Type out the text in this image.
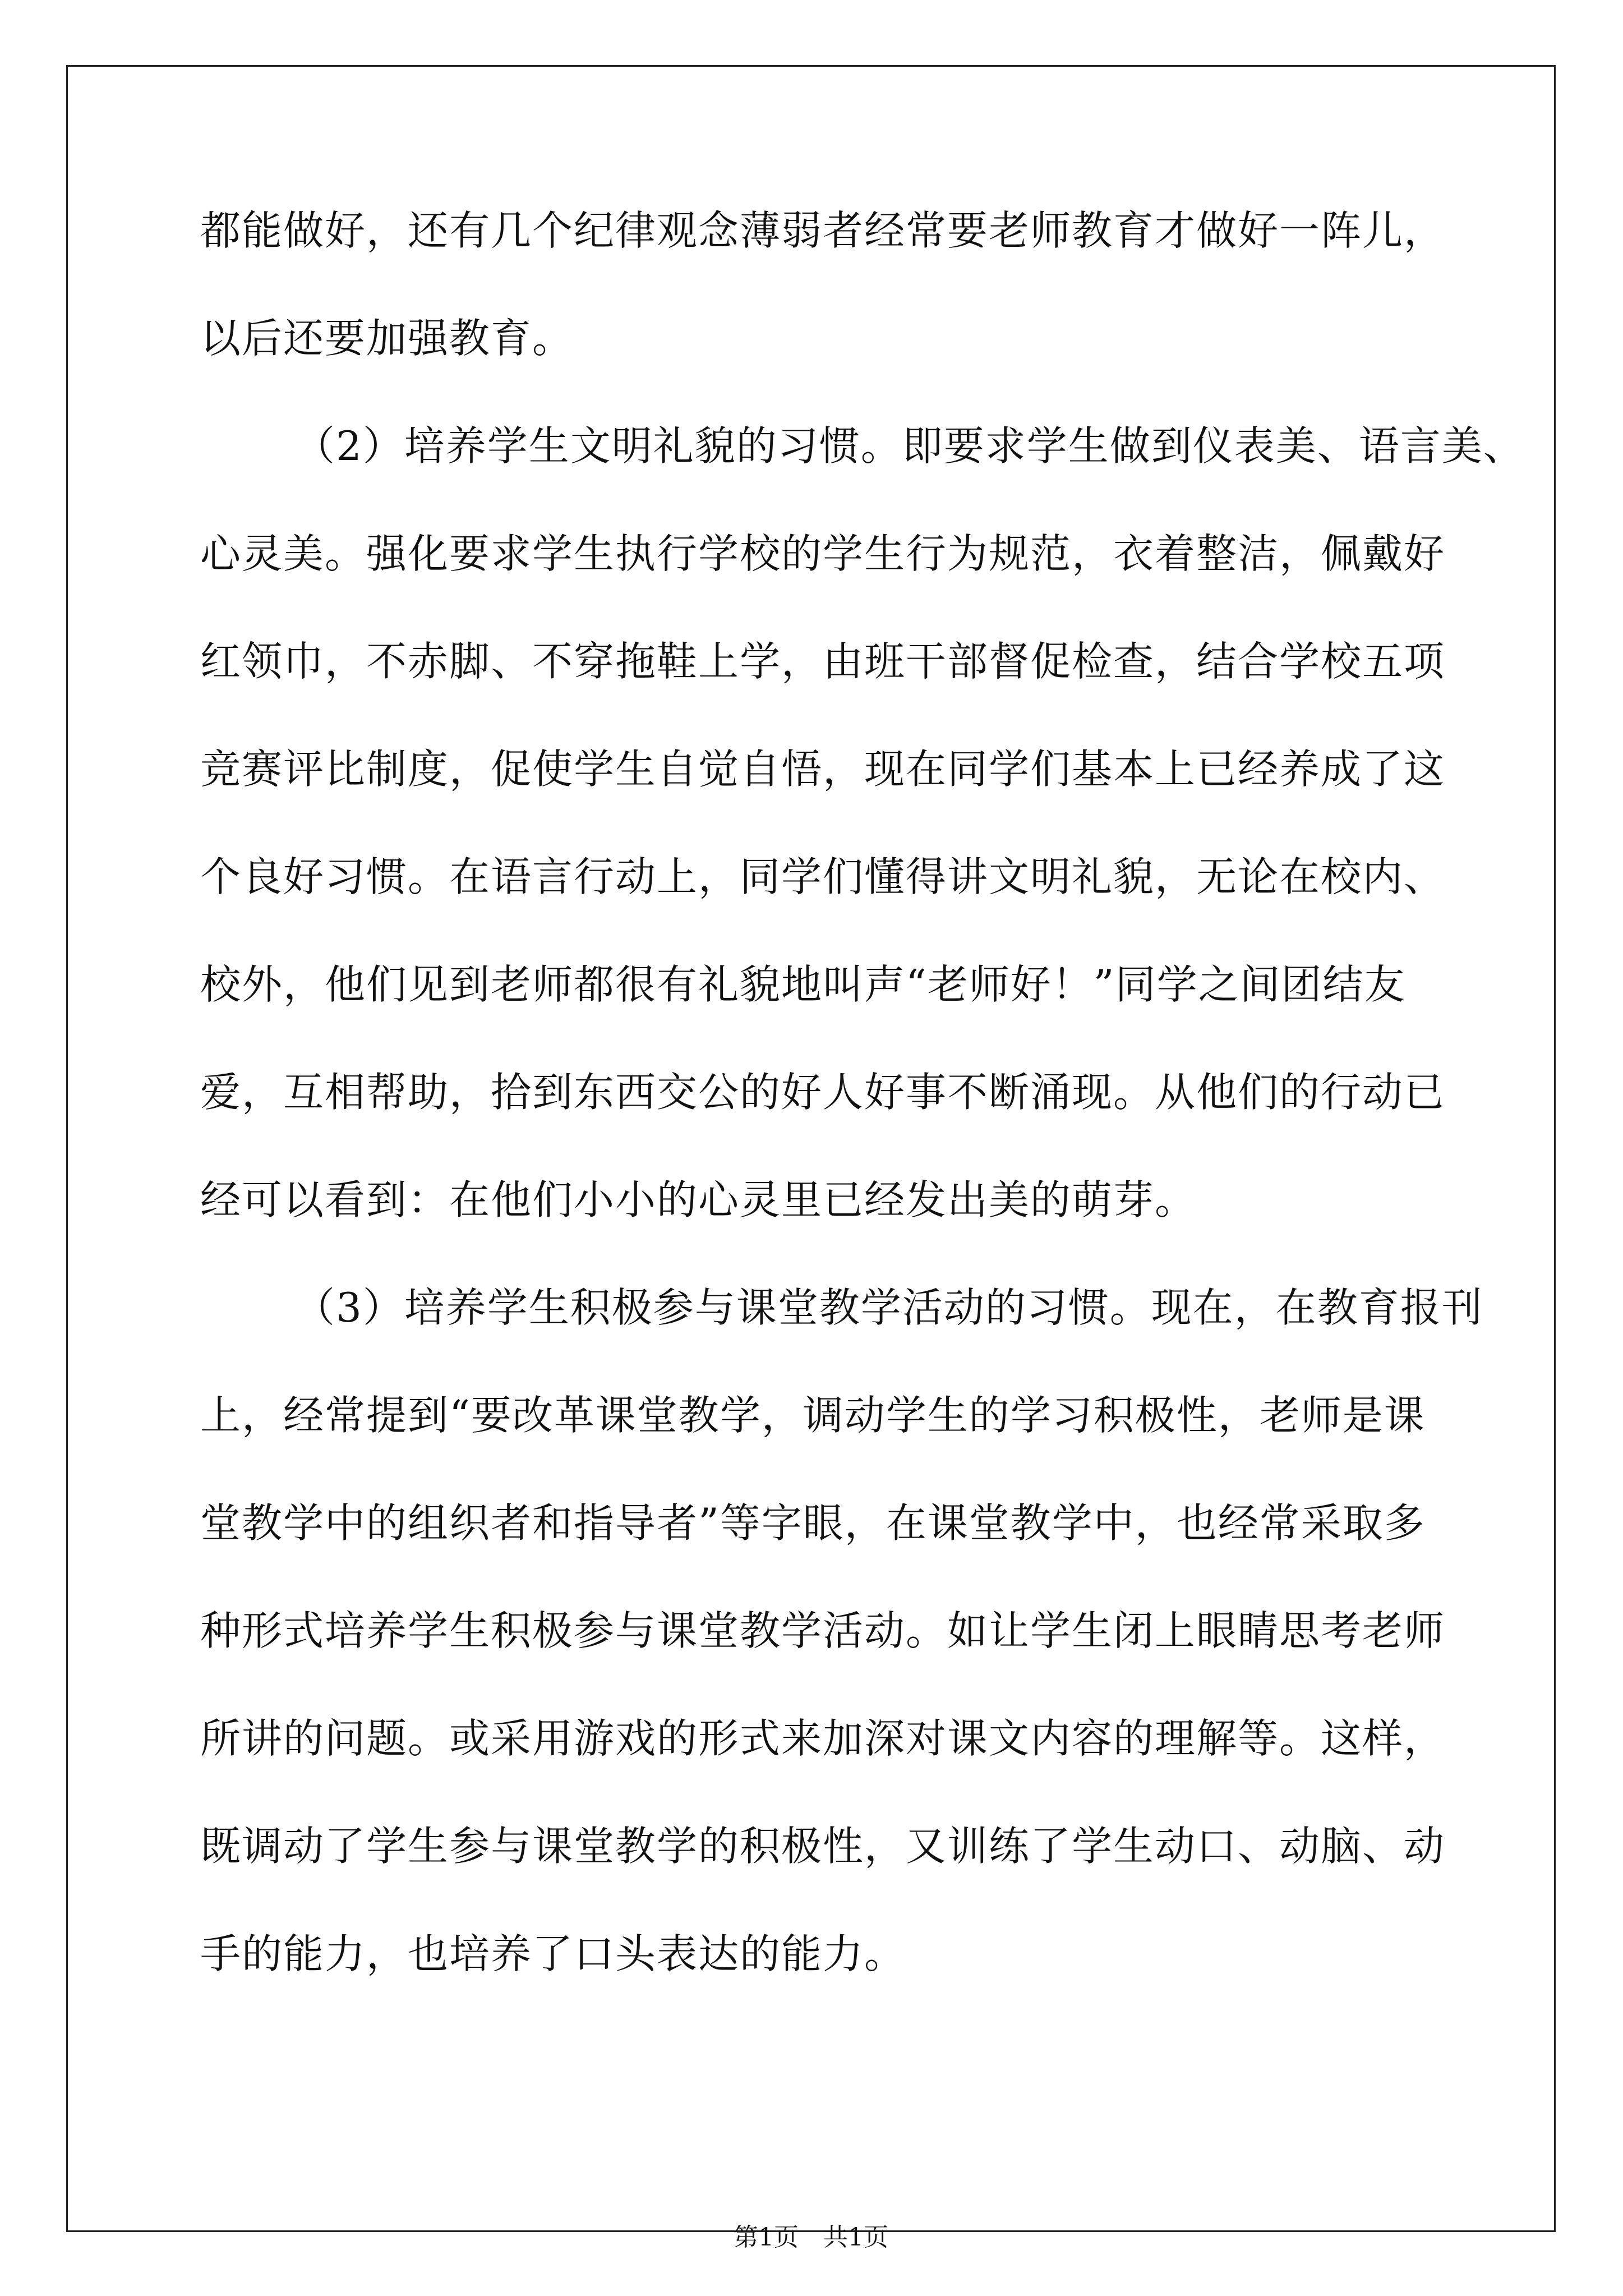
都能做好，还有几个纪律观念薄弱者经常要老师教育才做好一阵儿，
以后还要加强教育。
（2）培养学生文明礼貌的习惯。即要求学生做到仪表美、语言美、
心灵美。强化要求学生执行学校的学生行为规范，衣着整洁，佩戴好
红领巾，不赤脚、不穿拖鞋上学，由班干部督促检查，结合学校五项
竞赛评比制度，促使学生自觉自悟，现在同学们基本上已经养成了这
个良好习惯。在语言行动上，同学们懂得讲文明礼貌，无论在校内、
校外，他们见到老师都很有礼貌地叫声“老师好！”同学之间团结友
爱，互相帮助，拾到东西交公的好人好事不断涌现。从他们的行动已
经可以看到：在他们小小的心灵里已经发出美的萌芽。
（3）培养学生积极参与课堂教学活动的习惯。现在，在教育报刊
上，经常提到“要改革课堂教学，调动学生的学习积极性，老师是课
堂教学中的组织者和指导者”等字眼，在课堂教学中，也经常采取多
种形式培养学生积极参与课堂教学活动。如让学生闭上眼睛思考老师
所讲的问题。或采用游戏的形式来加深对课文内容的理解等。这样，
既调动了学生参与课堂教学的积极性，又训练了学生动口、动脑、动
手的能力，也培养了口头表达的能力。
第1页　共1页
